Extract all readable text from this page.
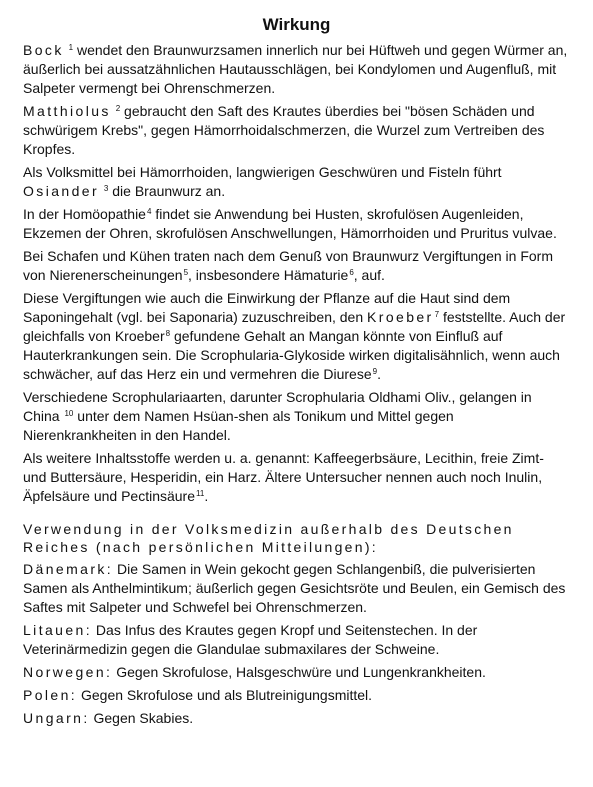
Wirkung

Bock $^1$ wendet den Braunwurzsamen innerlich nur bei Hüftweh und gegen Würmer an, äußerlich bei aussatzähnlichen Hautausschlägen, bei Kondylomen und Augenfluß, mit Salpeter vermengt bei Ohrenschmerzen.

Matthiolus $^2$ gebraucht den Saft des Krautes überdies bei "bösen Schäden und schwürigem Krebs", gegen Hämorrhoidalschmerzen, die Wurzel zum Vertreiben des Kropfes.

Als Volksmittel bei Hämorrhoiden, langwierigen Geschwüren und Fisteln führt Osiander $^3$ die Braunwurz an.

In der Homöopathie$^4$ findet sie Anwendung bei Husten, skrofulösen Augenleiden, Ekzemen der Ohren, skrofulösen Anschwellungen, Hämorrhoiden und Pruritus vulvae.

Bei Schafen und Kühen traten nach dem Genuß von Braunwurz Vergiftungen in Form von Nierenerscheinungen$^5$, insbesondere Hämaturie$^6$, auf.

Diese Vergiftungen wie auch die Einwirkung der Pflanze auf die Haut sind dem Saponingehalt (vgl. bei Saponaria) zuzuschreiben, den Kroeber$^7$ feststellte. Auch der gleichfalls von Kroeber$^8$ gefundene Gehalt an Mangan könnte von Einfluß auf Hauterkrankungen sein. Die Scrophularia-Glykoside wirken digitalisähnlich, wenn auch schwächer, auf das Herz ein und vermehren die Diurese$^9$.

Verschiedene Scrophulariaarten, darunter Scrophularia Oldhami Oliv., gelangen in China $^{10}$ unter dem Namen Hsüan-shen als Tonikum und Mittel gegen Nierenkrankheiten in den Handel.

Als weitere Inhaltsstoffe werden u. a. genannt: Kaffeegerbsäure, Lecithin, freie Zimt- und Buttersäure, Hesperidin, ein Harz. Ältere Untersucher nennen auch noch Inulin, Äpfelsäure und Pectinsäure$^{11}$.

Verwendung in der Volksmedizin außerhalb des Deutschen Reiches (nach persönlichen Mitteilungen):

Dänemark: Die Samen in Wein gekocht gegen Schlangenbiß, die pulverisierten Samen als Anthelmintikum; äußerlich gegen Gesichtsröte und Beulen, ein Gemisch des Saftes mit Salpeter und Schwefel bei Ohrenschmerzen.

Litauen: Das Infus des Krautes gegen Kropf und Seitenstechen. In der Veterinärmedizin gegen die Glandulae submaxilares der Schweine.

Norwegen: Gegen Skrofulose, Halsgeschwüre und Lungenkrankheiten.

Polen: Gegen Skrofulose und als Blutreinigungsmittel.

Ungarn: Gegen Skabies.
